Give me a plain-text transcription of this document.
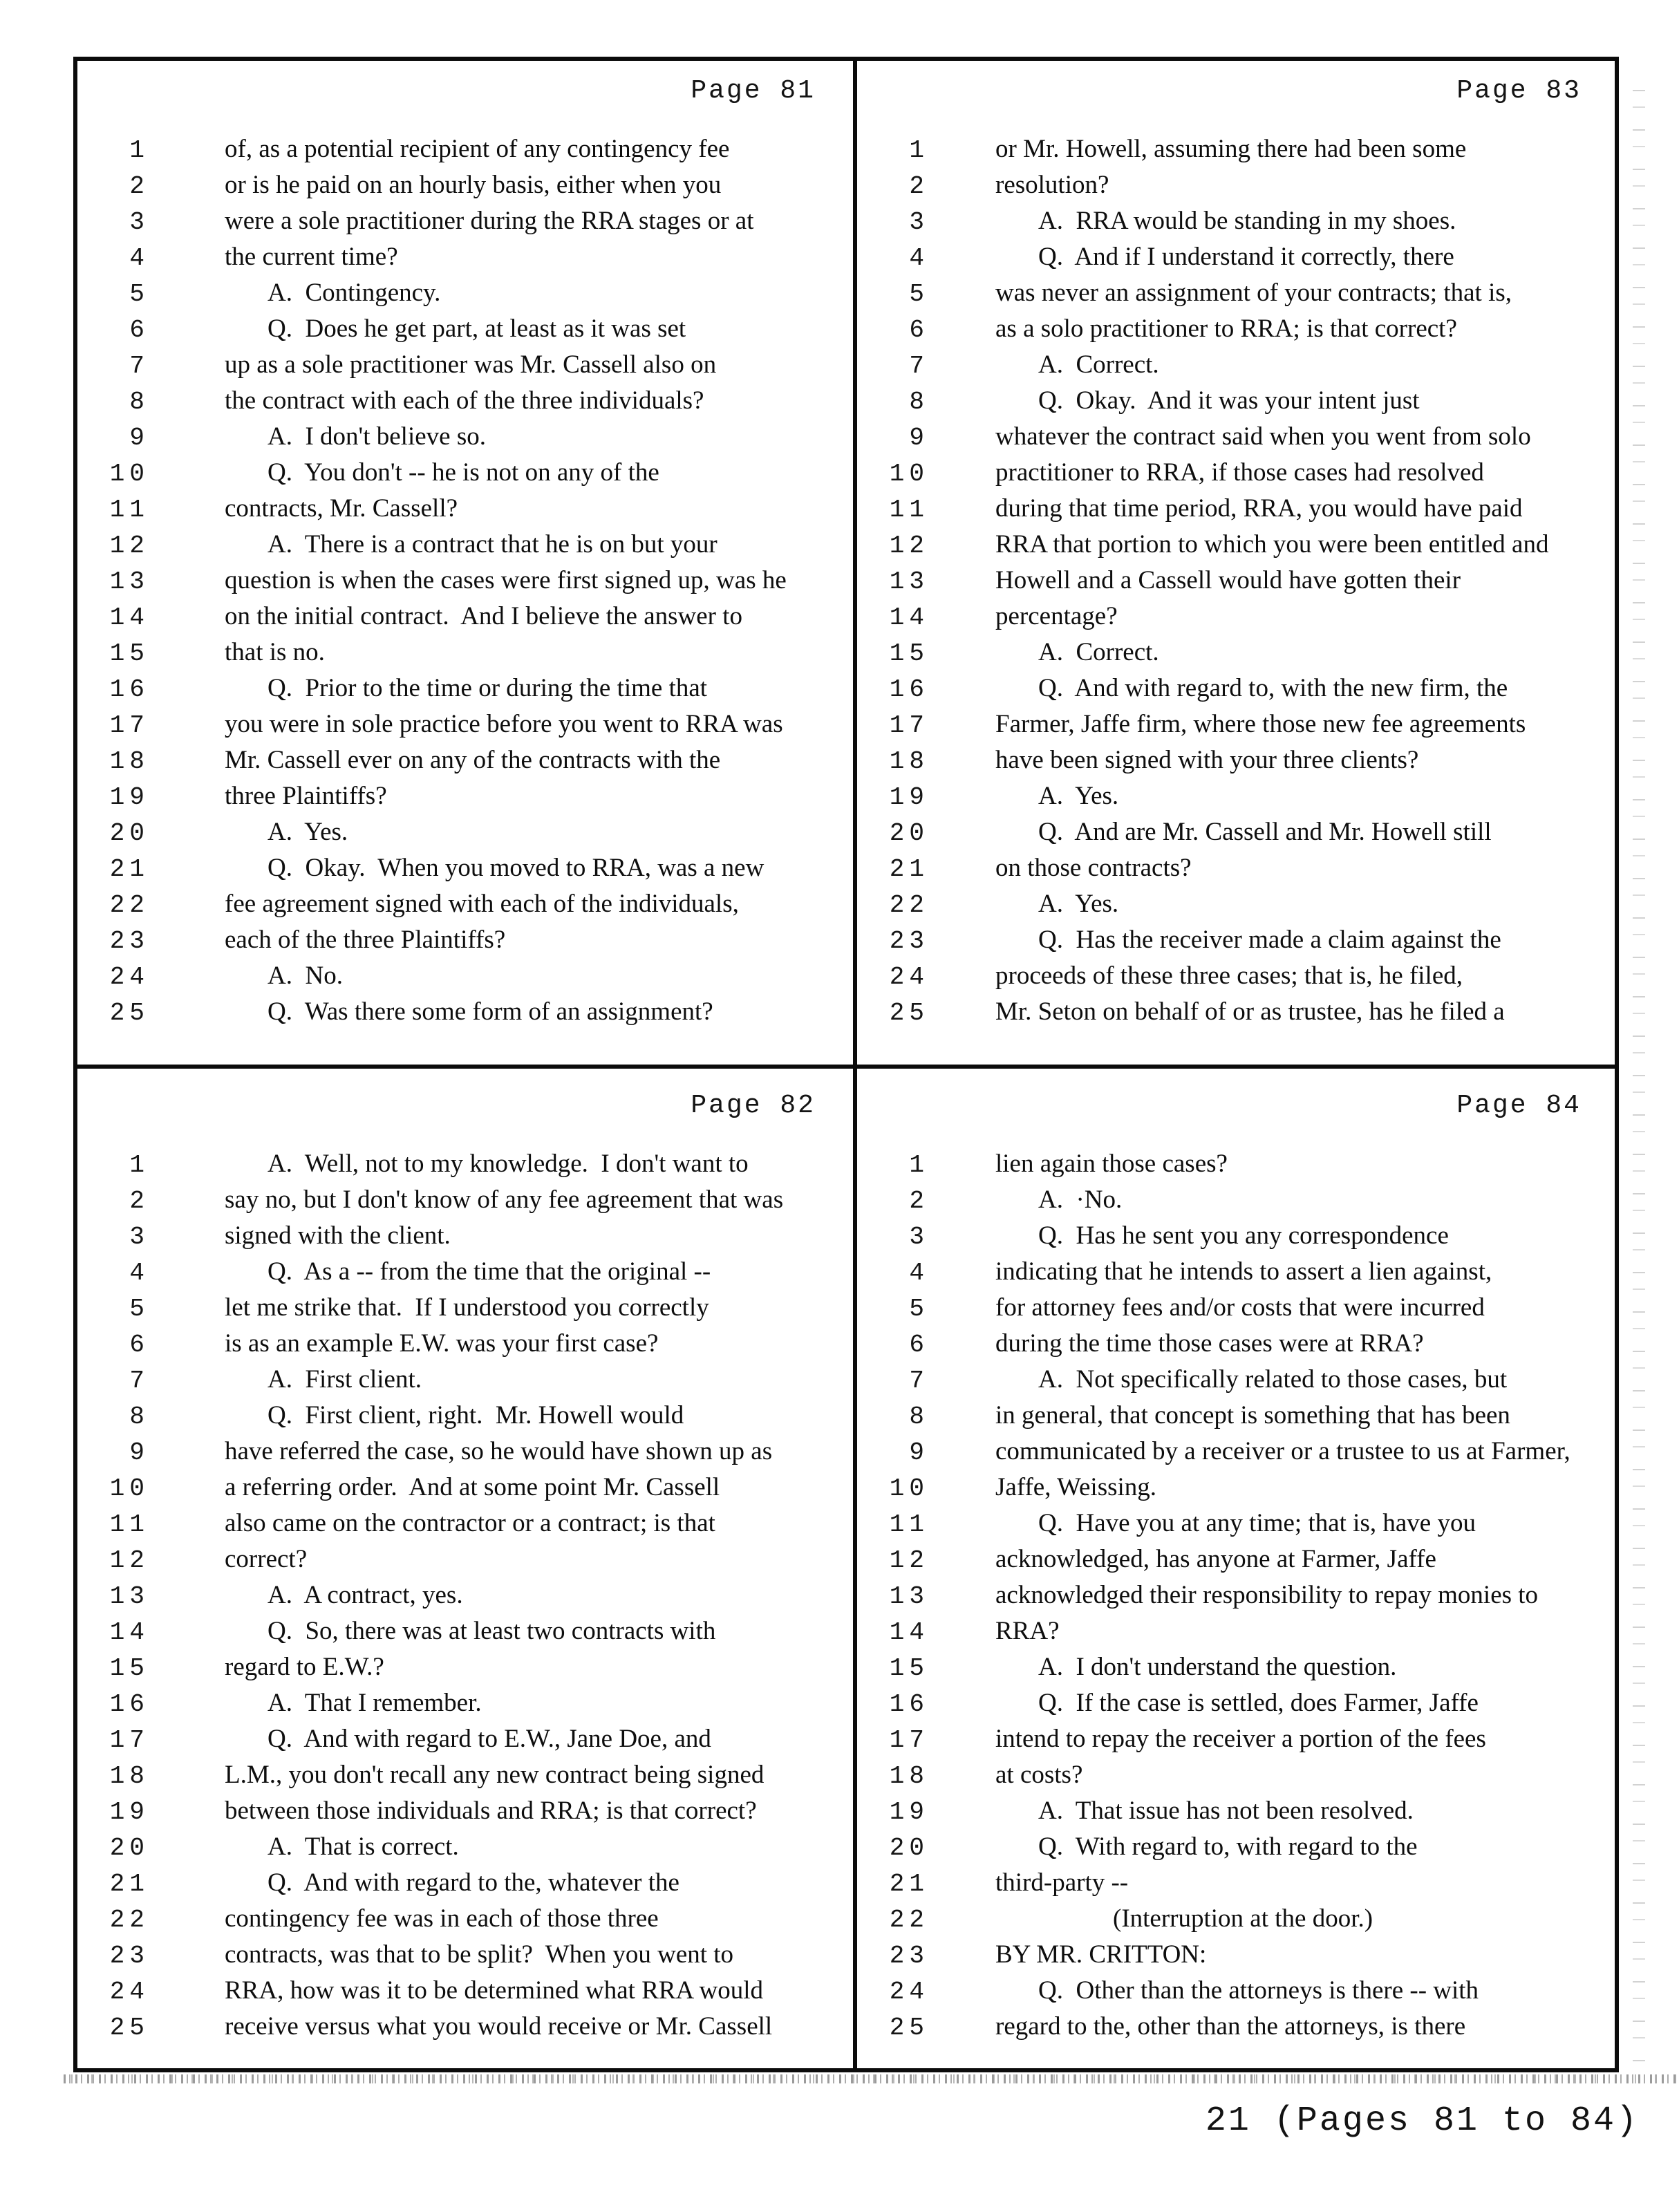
Page 81
1	of, as a potential recipient of any contingency fee
2	or is he paid on an hourly basis, either when you
3	were a sole practitioner during the RRA stages or at
4	the current time?
5	A.  Contingency.
6	Q.  Does he get part, at least as it was set
7	up as a sole practitioner was Mr. Cassell also on
8	the contract with each of the three individuals?
9	A.  I don't believe so.
10	Q.  You don't -- he is not on any of the
11	contracts, Mr. Cassell?
12	A.  There is a contract that he is on but your
13	question is when the cases were first signed up, was he
14	on the initial contract.  And I believe the answer to
15	that is no.
16	Q.  Prior to the time or during the time that
17	you were in sole practice before you went to RRA was
18	Mr. Cassell ever on any of the contracts with the
19	three Plaintiffs?
20	A.  Yes.
21	Q.  Okay.  When you moved to RRA, was a new
22	fee agreement signed with each of the individuals,
23	each of the three Plaintiffs?
24	A.  No.
25	Q.  Was there some form of an assignment?
Page 83
1	or Mr. Howell, assuming there had been some
2	resolution?
3	A.  RRA would be standing in my shoes.
4	Q.  And if I understand it correctly, there
5	was never an assignment of your contracts; that is,
6	as a solo practitioner to RRA; is that correct?
7	A.  Correct.
8	Q.  Okay.  And it was your intent just
9	whatever the contract said when you went from solo
10	practitioner to RRA, if those cases had resolved
11	during that time period, RRA, you would have paid
12	RRA that portion to which you were been entitled and
13	Howell and a Cassell would have gotten their
14	percentage?
15	A.  Correct.
16	Q.  And with regard to, with the new firm, the
17	Farmer, Jaffe firm, where those new fee agreements
18	have been signed with your three clients?
19	A.  Yes.
20	Q.  And are Mr. Cassell and Mr. Howell still
21	on those contracts?
22	A.  Yes.
23	Q.  Has the receiver made a claim against the
24	proceeds of these three cases; that is, he filed,
25	Mr. Seton on behalf of or as trustee, has he filed a
Page 82
1	A.  Well, not to my knowledge.  I don't want to
2	say no, but I don't know of any fee agreement that was
3	signed with the client.
4	Q.  As a -- from the time that the original --
5	let me strike that.  If I understood you correctly
6	is as an example E.W. was your first case?
7	A.  First client.
8	Q.  First client, right.  Mr. Howell would
9	have referred the case, so he would have shown up as
10	a referring order.  And at some point Mr. Cassell
11	also came on the contractor or a contract; is that
12	correct?
13	A.  A contract, yes.
14	Q.  So, there was at least two contracts with
15	regard to E.W.?
16	A.  That I remember.
17	Q.  And with regard to E.W., Jane Doe, and
18	L.M., you don't recall any new contract being signed
19	between those individuals and RRA; is that correct?
20	A.  That is correct.
21	Q.  And with regard to the, whatever the
22	contingency fee was in each of those three
23	contracts, was that to be split?  When you went to
24	RRA, how was it to be determined what RRA would
25	receive versus what you would receive or Mr. Cassell
Page 84
1	lien again those cases?
2	A.  ·No.
3	Q.  Has he sent you any correspondence
4	indicating that he intends to assert a lien against,
5	for attorney fees and/or costs that were incurred
6	during the time those cases were at RRA?
7	A.  Not specifically related to those cases, but
8	in general, that concept is something that has been
9	communicated by a receiver or a trustee to us at Farmer,
10	Jaffe, Weissing.
11	Q.  Have you at any time; that is, have you
12	acknowledged, has anyone at Farmer, Jaffe
13	acknowledged their responsibility to repay monies to
14	RRA?
15	A.  I don't understand the question.
16	Q.  If the case is settled, does Farmer, Jaffe
17	intend to repay the receiver a portion of the fees
18	at costs?
19	A.  That issue has not been resolved.
20	Q.  With regard to, with regard to the
21	third-party --
22	(Interruption at the door.)
23	BY MR. CRITTON:
24	Q.  Other than the attorneys is there -- with
25	regard to the, other than the attorneys, is there
21 (Pages 81 to 84)
